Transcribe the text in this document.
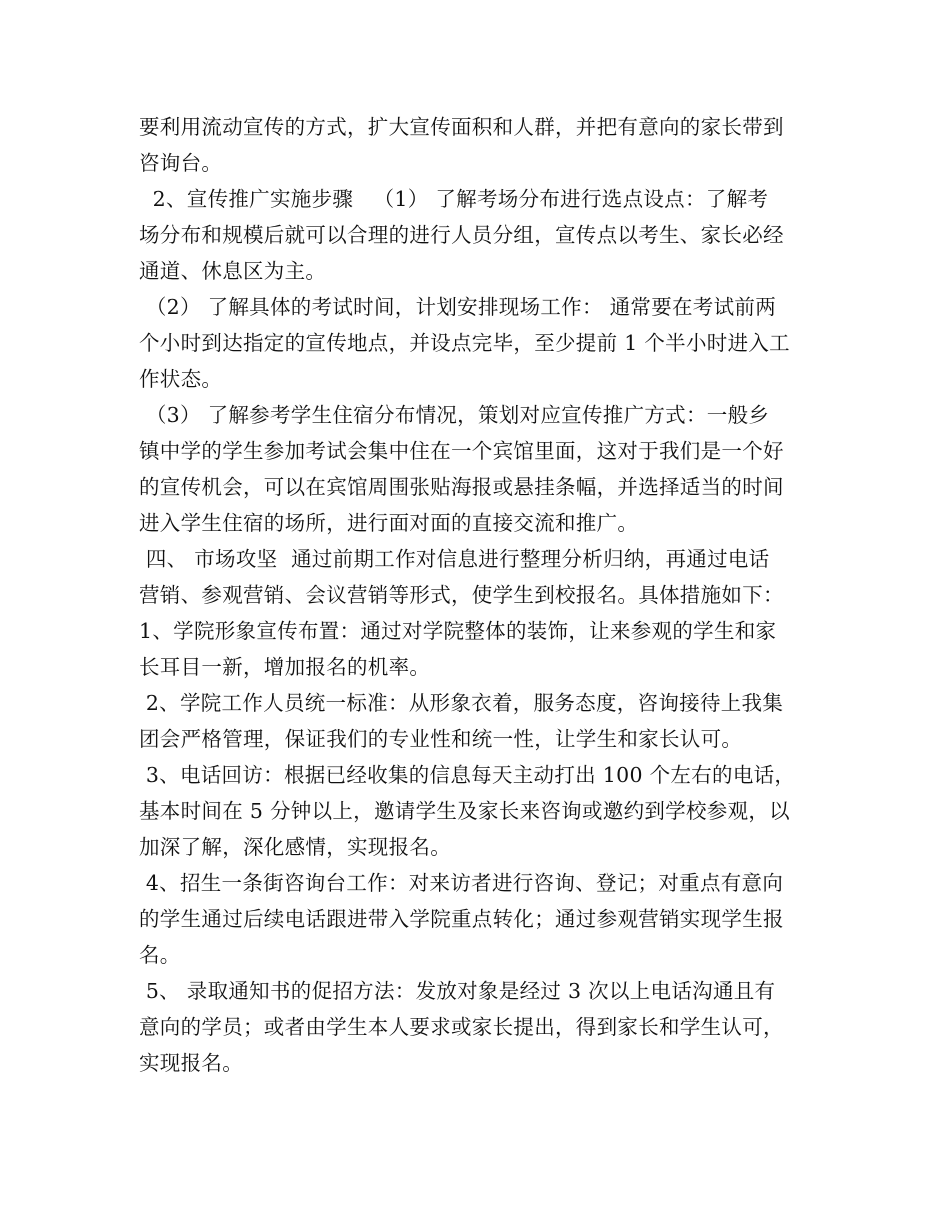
要利用流动宣传的方式，扩大宣传面积和人群，并把有意向的家长带到
咨询台。
2、宣传推广实施步骤   （1） 了解考场分布进行选点设点：了解考
场分布和规模后就可以合理的进行人员分组，宣传点以考生、家长必经
通道、休息区为主。
（2） 了解具体的考试时间，计划安排现场工作： 通常要在考试前两
个小时到达指定的宣传地点，并设点完毕，至少提前 1 个半小时进入工
作状态。
（3） 了解参考学生住宿分布情况，策划对应宣传推广方式：一般乡
镇中学的学生参加考试会集中住在一个宾馆里面，这对于我们是一个好
的宣传机会，可以在宾馆周围张贴海报或悬挂条幅，并选择适当的时间
进入学生住宿的场所，进行面对面的直接交流和推广。
四、 市场攻坚  通过前期工作对信息进行整理分析归纳，再通过电话
营销、参观营销、会议营销等形式，使学生到校报名。具体措施如下：
1、学院形象宣传布置：通过对学院整体的装饰，让来参观的学生和家
长耳目一新，增加报名的机率。
2、学院工作人员统一标准：从形象衣着，服务态度，咨询接待上我集
团会严格管理，保证我们的专业性和统一性，让学生和家长认可。
3、电话回访：根据已经收集的信息每天主动打出 100 个左右的电话，
基本时间在 5 分钟以上，邀请学生及家长来咨询或邀约到学校参观，以
加深了解，深化感情，实现报名。
4、招生一条街咨询台工作：对来访者进行咨询、登记；对重点有意向
的学生通过后续电话跟进带入学院重点转化；通过参观营销实现学生报
名。
5、 录取通知书的促招方法：发放对象是经过 3 次以上电话沟通且有
意向的学员；或者由学生本人要求或家长提出，得到家长和学生认可，
实现报名。
